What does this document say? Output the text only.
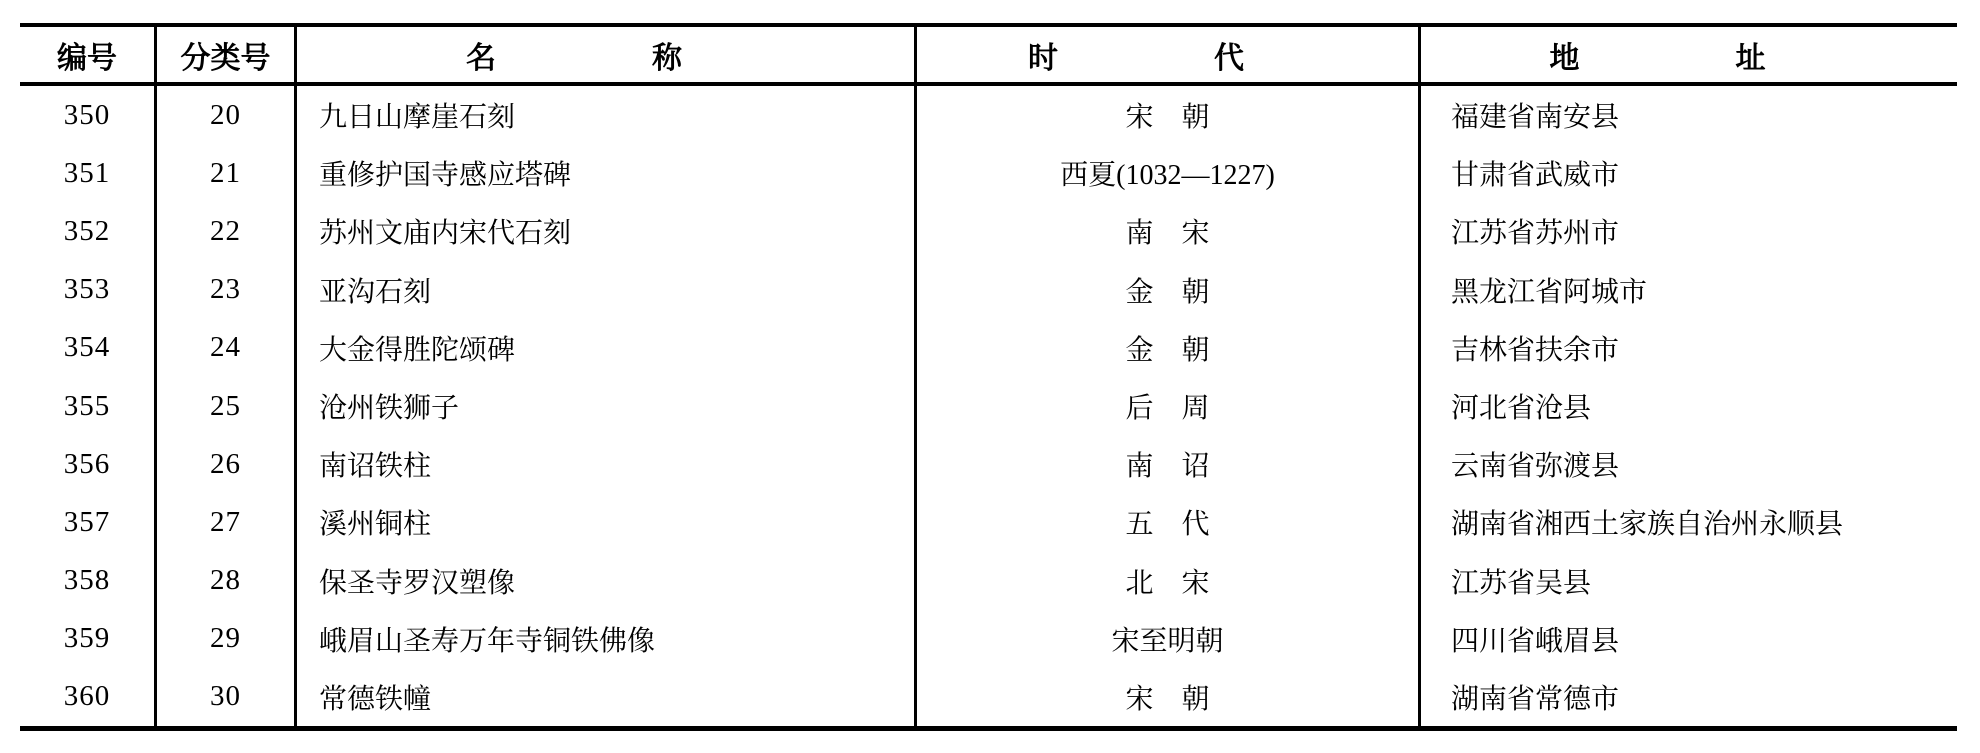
编号	分类号	名　称	时　代	地　址
350	20	九日山摩崖石刻	宋　朝	福建省南安县
351	21	重修护国寺感应塔碑	西夏(1032—1227)	甘肃省武威市
352	22	苏州文庙内宋代石刻	南　宋	江苏省苏州市
353	23	亚沟石刻	金　朝	黑龙江省阿城市
354	24	大金得胜陀颂碑	金　朝	吉林省扶余市
355	25	沧州铁狮子	后　周	河北省沧县
356	26	南诏铁柱	南　诏	云南省弥渡县
357	27	溪州铜柱	五　代	湖南省湘西土家族自治州永顺县
358	28	保圣寺罗汉塑像	北　宋	江苏省吴县
359	29	峨眉山圣寿万年寺铜铁佛像	宋至明朝	四川省峨眉县
360	30	常德铁幢	宋　朝	湖南省常德市
